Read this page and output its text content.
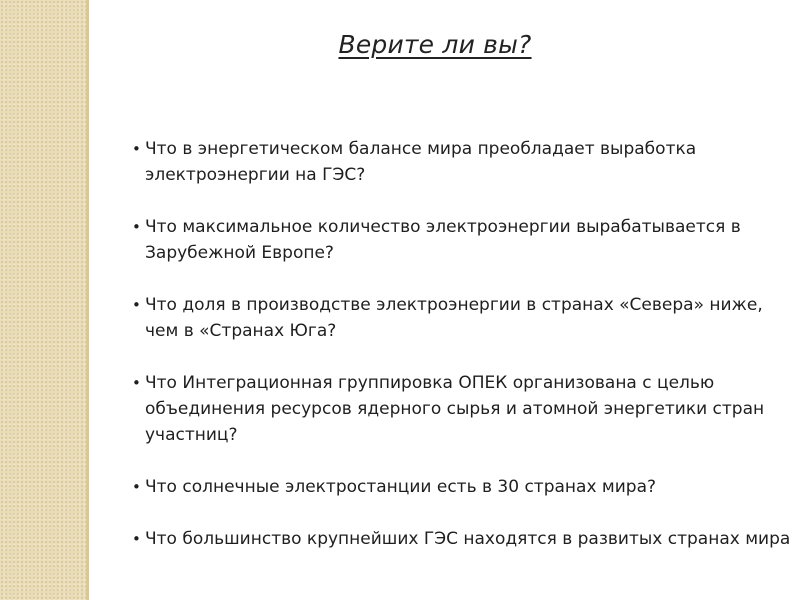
Верите ли вы?
• Что в энергетическом балансе мира преобладает выработка электроэнергии на ГЭС?
• Что максимальное количество электроэнергии вырабатывается в Зарубежной Европе?
• Что доля в производстве электроэнергии в странах «Севера» ниже, чем в «Странах Юга?
• Что Интеграционная группировка ОПЕК организована с целью объединения ресурсов ядерного сырья и атомной энергетики стран участниц?
• Что солнечные электростанции есть в 30 странах мира?
• Что большинство крупнейших ГЭС находятся в развитых странах мира
